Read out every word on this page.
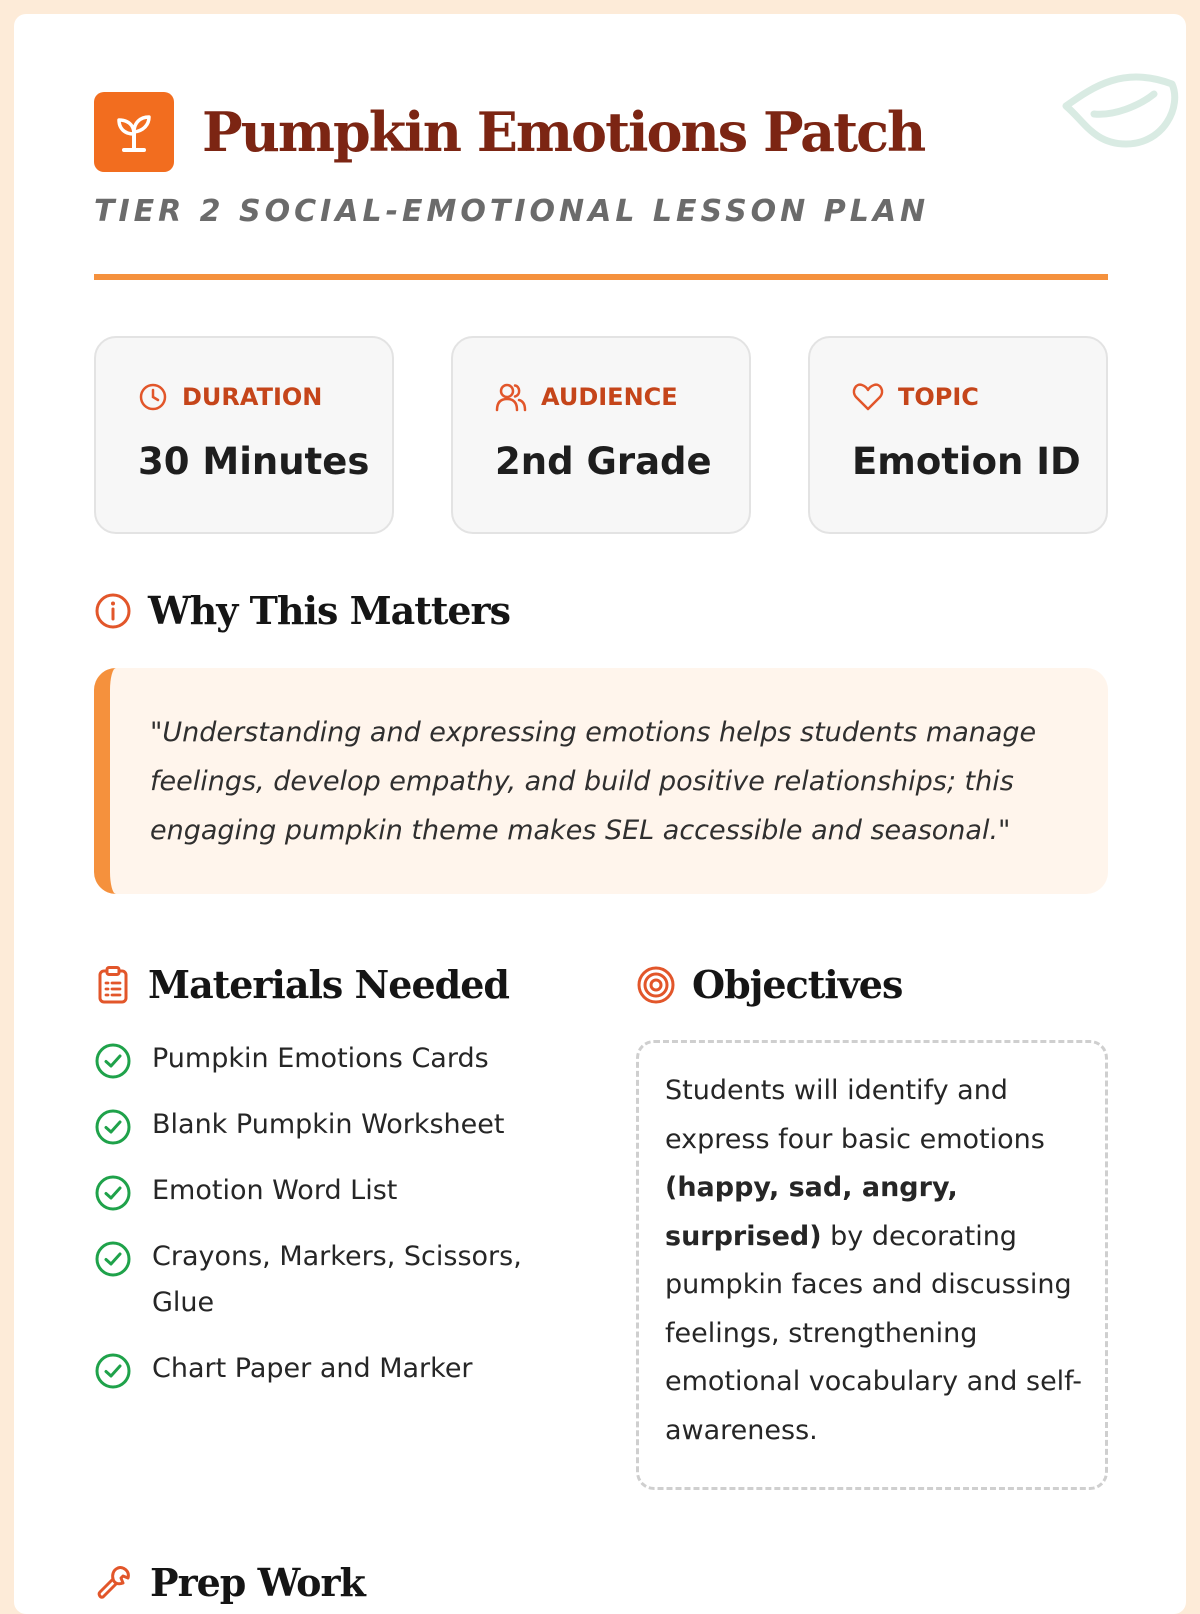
Pumpkin Emotions Patch
TIER 2 SOCIAL-EMOTIONAL LESSON PLAN
DURATION
30 Minutes
AUDIENCE
2nd Grade
TOPIC
Emotion ID
Why This Matters
"Understanding and expressing emotions helps students manage feelings, develop empathy, and build positive relationships; this engaging pumpkin theme makes SEL accessible and seasonal."
Materials Needed
Pumpkin Emotions Cards
Blank Pumpkin Worksheet
Emotion Word List
Crayons, Markers, Scissors, Glue
Chart Paper and Marker
Objectives
Students will identify and express four basic emotions (happy, sad, angry, surprised) by decorating pumpkin faces and discussing feelings, strengthening emotional vocabulary and self-awareness.
Prep Work
